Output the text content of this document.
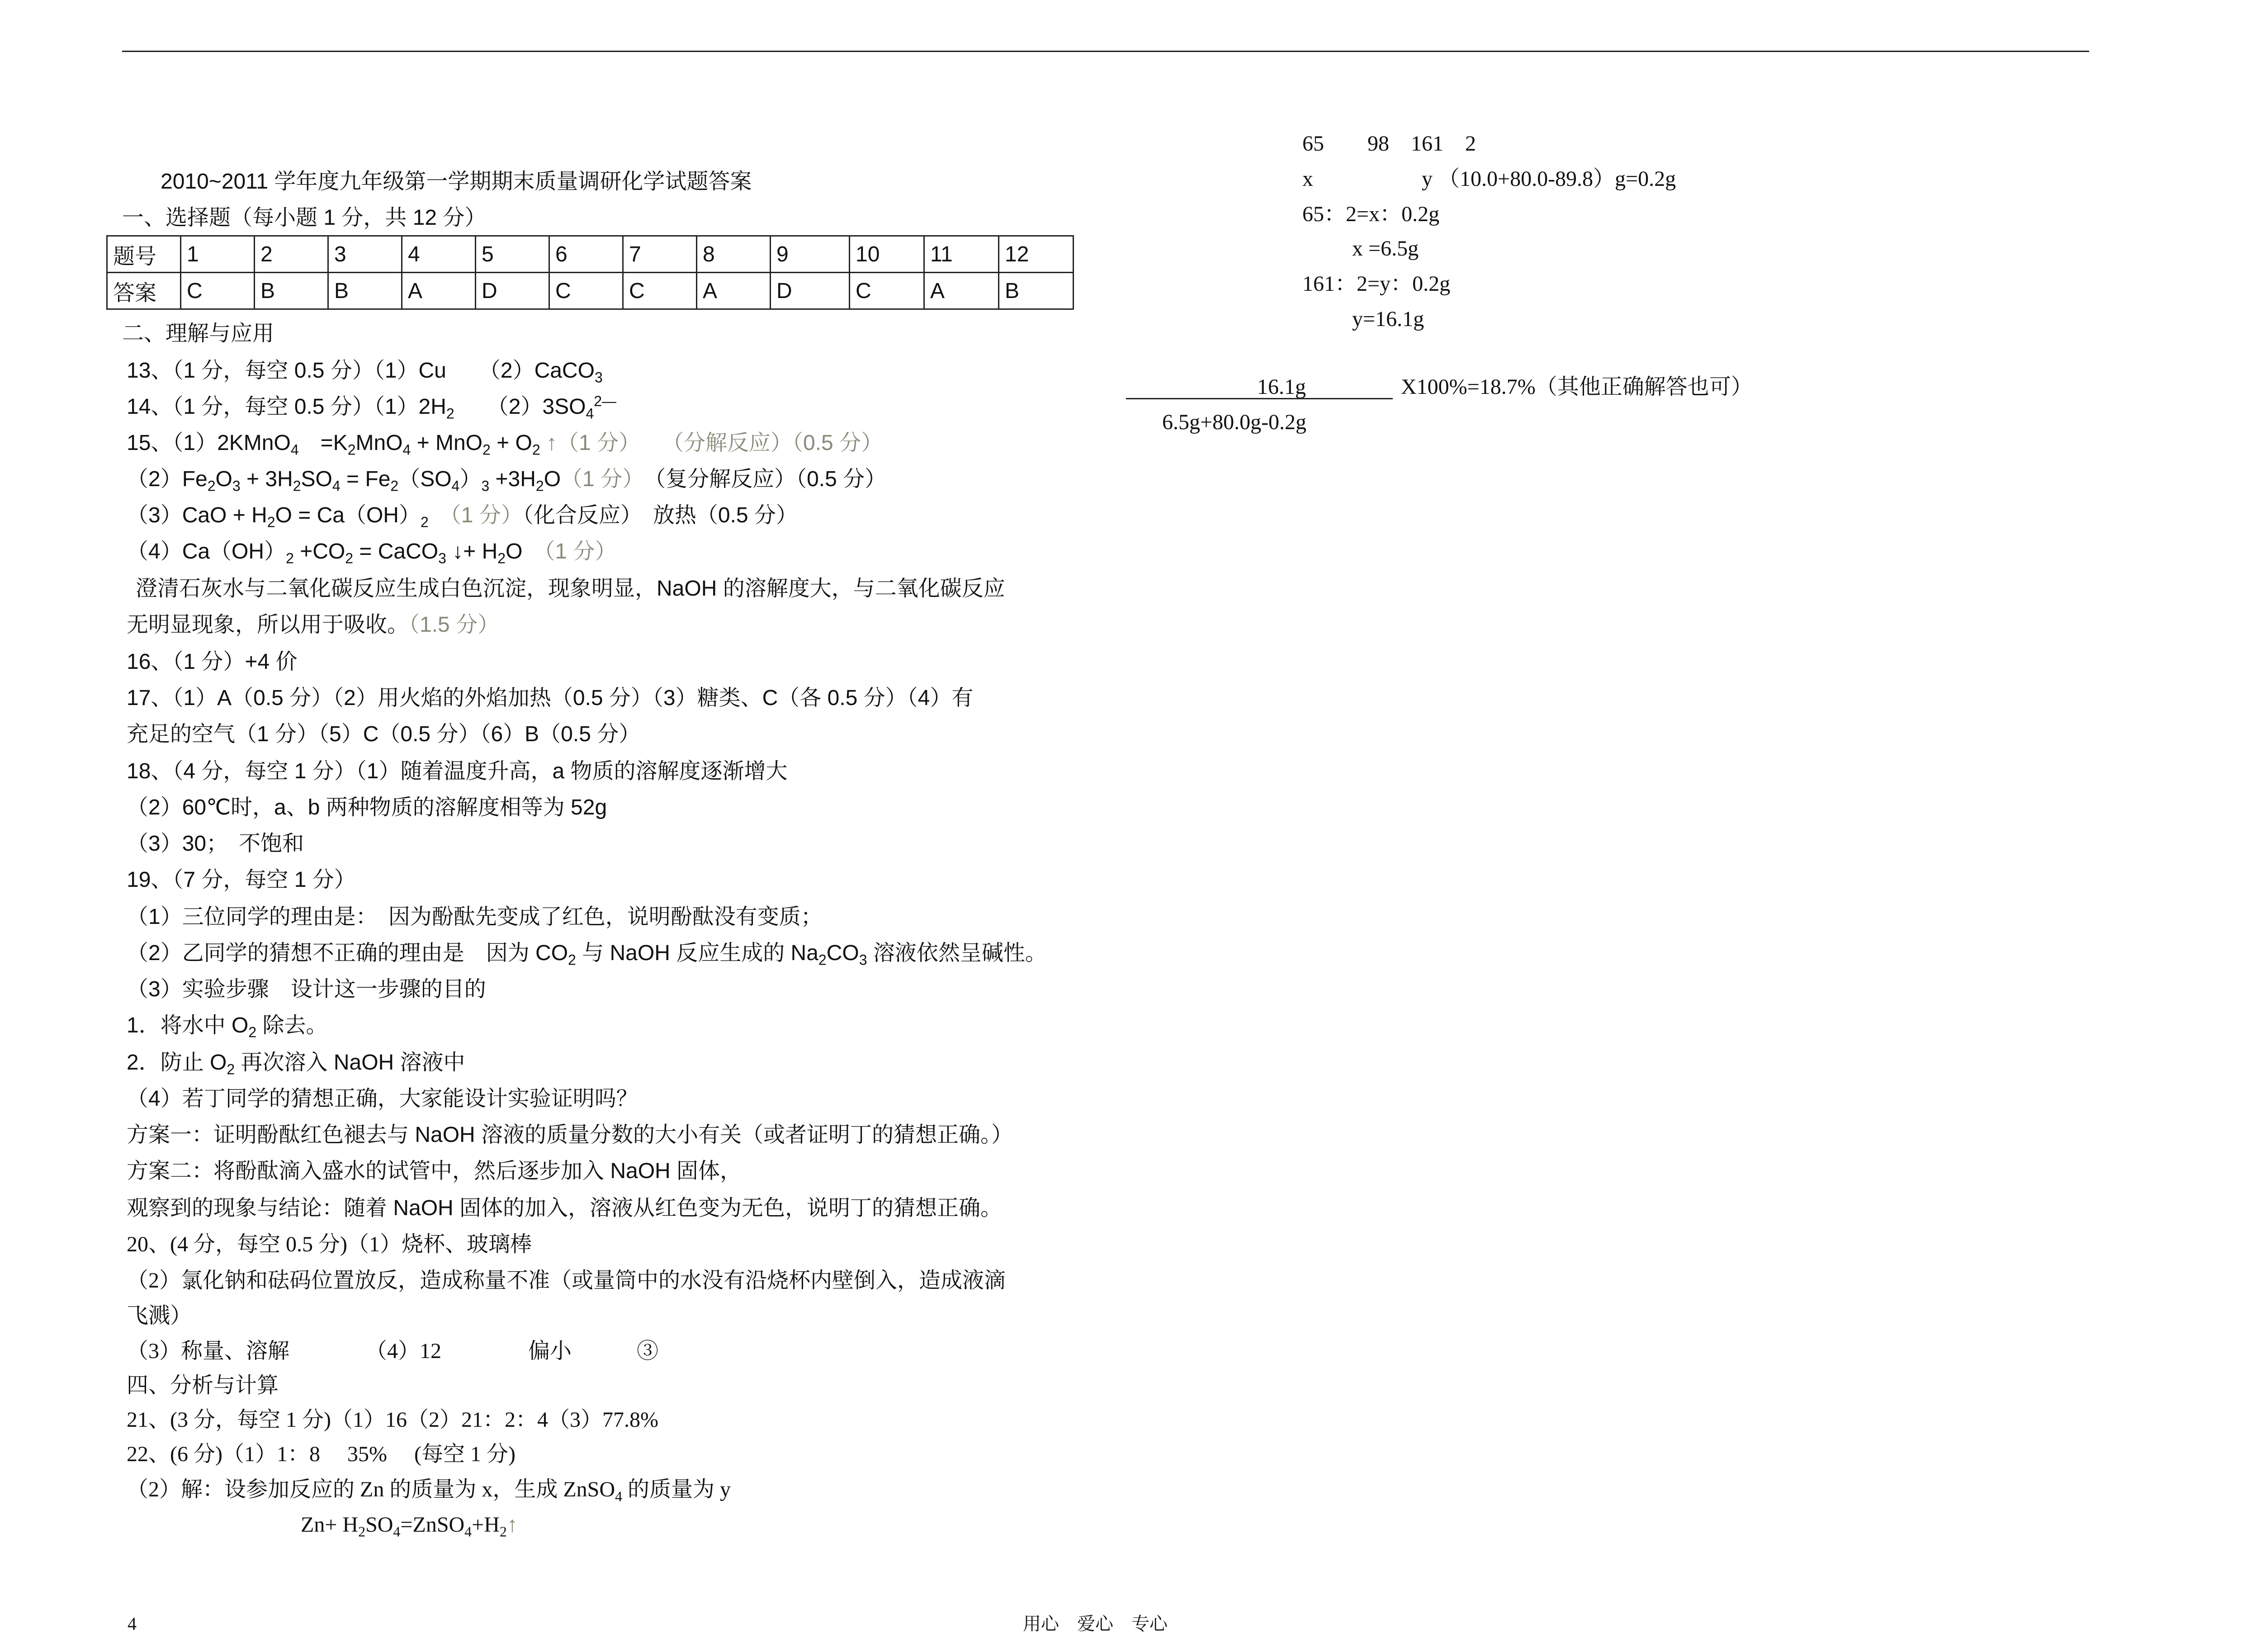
2010~2011 学年度九年级第一学期期末质量调研化学试题答案
一、选择题（每小题 1 分，共 12 分）
题号	1	2	3	4	5	6	7	8	9	10	11	12
答案	C	B	B	A	D	C	C	A	D	C	A	B
二、理解与应用
13、（1 分，每空 0.5 分）（1）Cu　　（2）CaCO$_3$
14、（1 分，每空 0.5 分）$(1)2H_2$　　$(2)3SO_4^{2—}$
15、（1）2KMnO$_4$　$=K_2MnO_4 + MnO_2 + O_2$ ↑（1 分）　　（分解反应）（0.5 分）
$(2)Fe_2O_3 + 3H_2SO_4 = Fe_2(SO_4)_3 +3H_2O(1$ 分）　（复分解反应）（0.5 分）
$(3)CaO + H_2O = Ca(OH)_2$　 （1 分）（化合反应）　放热（0.5 分）
$(4)Ca(OH)_2 +CO_2$ = CaCO$_3$ ↓+ $H_2O$　 （1 分）
澄清石灰水与二氧化碳反应生成白色沉淀，现象明显，NaOH 的溶解度大，与二氧化碳反应
无明显现象，所以用于吸收。（1.5 分）
16、（1 分）+4 价
17、（1）A（0.5 分）（2）用火焰的外焰加热（0.5 分）（3）糖类、C（各 0.5 分）（4）有
充足的空气（1 分）（5）C（0.5 分）（6）B（0.5 分）
18、（4 分，每空 1 分）（1）随着温度升高，a 物质的溶解度逐渐增大
（2）60℃时，a、b 两种物质的溶解度相等为 52g
（3）30；　不饱和
19、（7 分，每空 1 分）
（1）三位同学的理由是：　因为酚酞先变成了红色，说明酚酞没有变质；
（2）乙同学的猜想不正确的理由是　因为 $CO_2$ 与 NaOH 反应生成的 $Na_2CO_3$ 溶液依然呈碱性。
（3）实验步骤　设计这一步骤的目的
1．将水中 $O_2$ 除去。
2．防止 $O_2$ 再次溶入 NaOH 溶液中
（4）若丁同学的猜想正确，大家能设计实验证明吗？
方案一：证明酚酞红色褪去与 NaOH 溶液的质量分数的大小有关（或者证明丁的猜想正确。）
方案二：将酚酞滴入盛水的试管中，然后逐步加入 NaOH 固体，
观察到的现象与结论：随着 NaOH 固体的加入，溶液从红色变为无色，说明丁的猜想正确。
20、(4 分，每空 0.5 分)（1）烧杯、玻璃棒
（2）氯化钠和砝码位置放反，造成称量不准（或量筒中的水没有沿烧杯内壁倒入，造成液滴
飞溅）
（3）称量、溶解　　　　（4）12　　　　偏小　　　③
四、分析与计算
21、(3 分，每空 1 分)（1）16（2）21：2：4（3）77.8%
22、(6 分)（1）1：8　 35%　 (每空 1 分)
（2）解：设参加反应的 Zn 的质量为 x，生成 ZnSO$_4$ 的质量为 y
$Zn+ H_2SO_4=ZnSO_4+H_2↑$
65　　98　161　2
x　　　　　y （10.0+80.0-89.8）g=0.2g
65：2=x：0.2g
x =6.5g
161：2=y：0.2g
y=16.1g
16.1g	X100%=18.7%（其他正确解答也可）
6.5g+80.0g-0.2g
4	用心　爱心　专心
